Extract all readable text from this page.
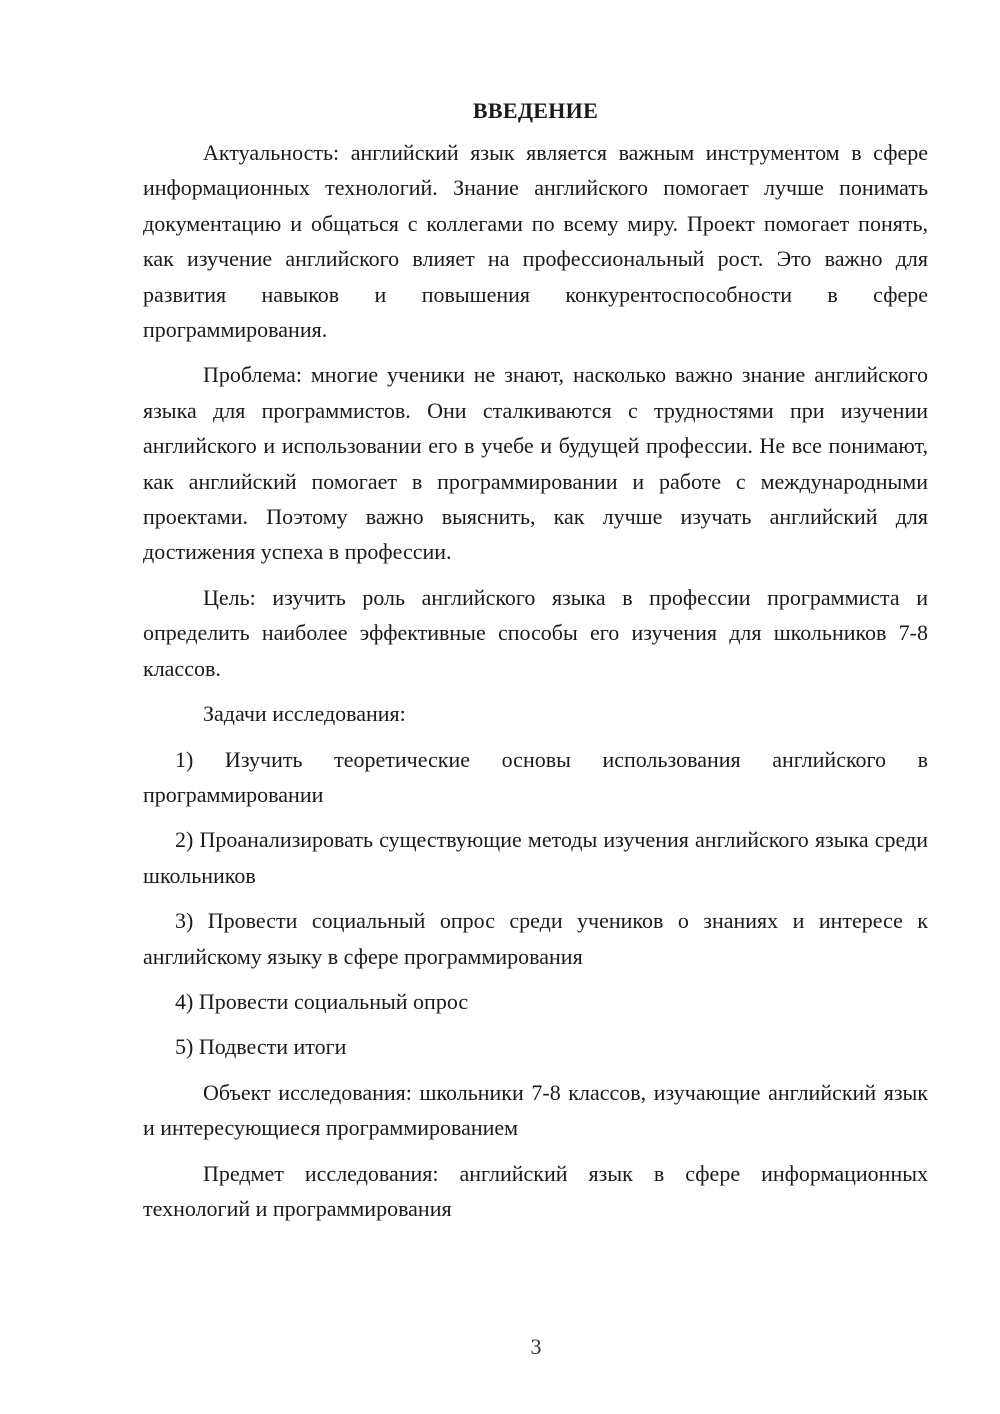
ВВЕДЕНИЕ

Актуальность: английский язык является важным инструментом в сфере информационных технологий. Знание английского помогает лучше понимать документацию и общаться с коллегами по всему миру. Проект помогает понять, как изучение английского влияет на профессиональный рост. Это важно для развития навыков и повышения конкурентоспособности в сфере программирования.

Проблема: многие ученики не знают, насколько важно знание английского языка для программистов. Они сталкиваются с трудностями при изучении английского и использовании его в учебе и будущей профессии. Не все понимают, как английский помогает в программировании и работе с международными проектами. Поэтому важно выяснить, как лучше изучать английский для достижения успеха в профессии.

Цель: изучить роль английского языка в профессии программиста и определить наиболее эффективные способы его изучения для школьников 7-8 классов.

Задачи исследования:

1) Изучить теоретические основы использования английского в программировании

2) Проанализировать существующие методы изучения английского языка среди школьников

3) Провести социальный опрос среди учеников о знаниях и интересе к английскому языку в сфере программирования

4) Провести социальный опрос

5) Подвести итоги

Объект исследования: школьники 7-8 классов, изучающие английский язык и интересующиеся программированием

Предмет исследования: английский язык в сфере информационных технологий и программирования

3
